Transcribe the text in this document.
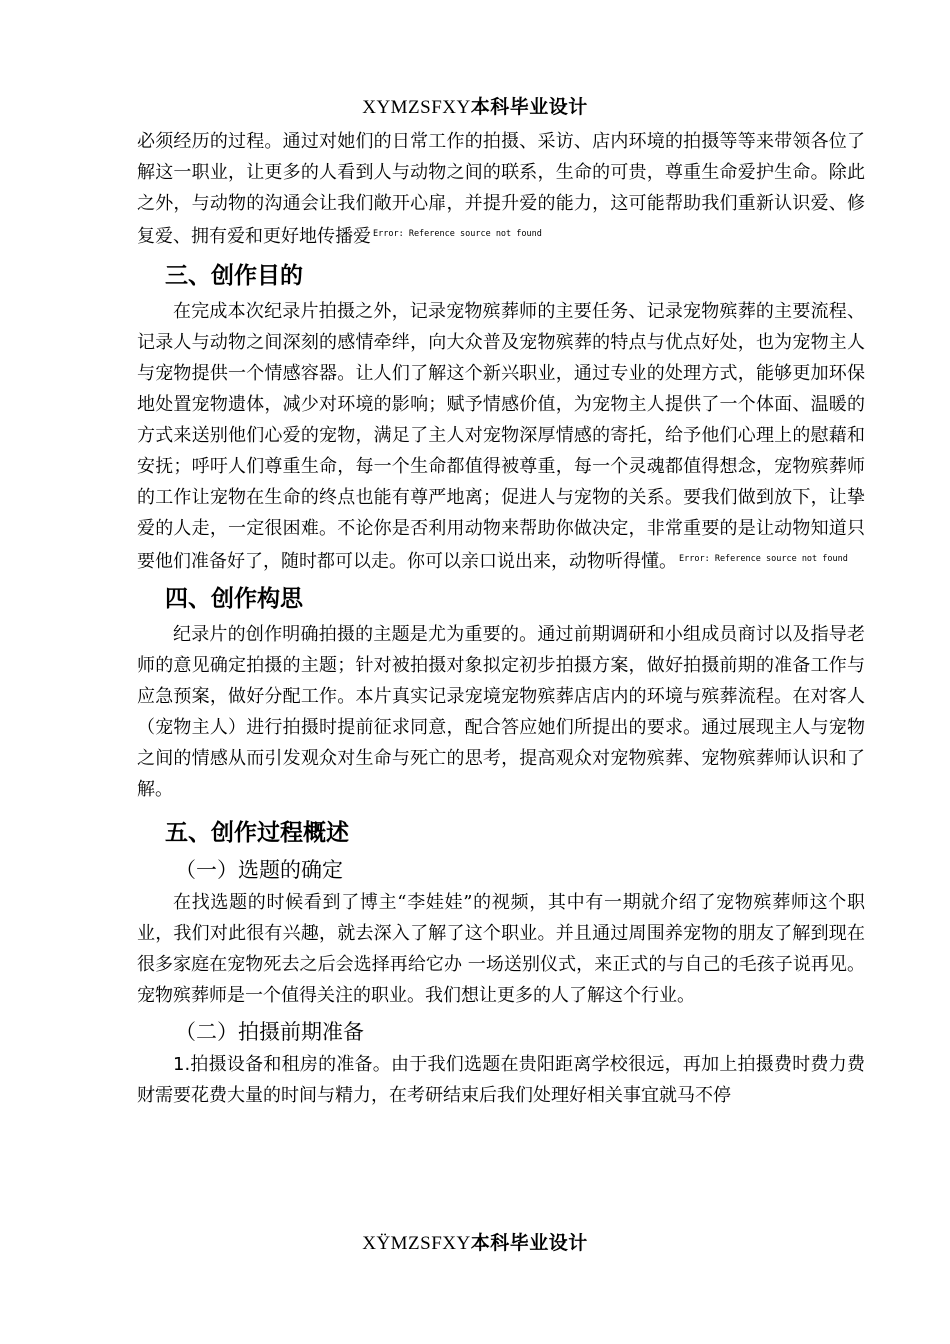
XYMZSFXY本科毕业设计

必须经历的过程。通过对她们的日常工作的拍摄、采访、店内环境的拍摄等等来带领各位了解这一职业，让更多的人看到人与动物之间的联系，生命的可贵，尊重生命爱护生命。除此之外，与动物的沟通会让我们敞开心扉，并提升爱的能力，这可能帮助我们重新认识爱、修复爱、拥有爱和更好地传播爱 $^{Error: Reference source not found}$

三、创作目的

在完成本次纪录片拍摄之外，记录宠物殡葬师的主要任务、记录宠物殡葬的主要流程、记录人与动物之间深刻的感情牵绊，向大众普及宠物殡葬的特点与优点好处，也为宠物主人与宠物提供一个情感容器。让人们了解这个新兴职业，通过专业的处理方式，能够更加环保地处置宠物遗体，减少对环境的影响；赋予情感价值，为宠物主人提供了一个体面、温暖的方式来送别他们心爱的宠物，满足了主人对宠物深厚情感的寄托，给予他们心理上的慰藉和安抚；呼吁人们尊重生命，每一个生命都值得被尊重，每一个灵魂都值得想念，宠物殡葬师的工作让宠物在生命的终点也能有尊严地离；促进人与宠物的关系。要我们做到放下，让挚爱的人走，一定很困难。不论你是否利用动物来帮助你做决定，非常重要的是让动物知道只要他们准备好了，随时都可以走。你可以亲口说出来，动物听得懂。 $^{Error: Reference source not found}$

四、创作构思

纪录片的创作明确拍摄的主题是尤为重要的。通过前期调研和小组成员商讨以及指导老师的意见确定拍摄的主题；针对被拍摄对象拟定初步拍摄方案，做好拍摄前期的准备工作与应急预案，做好分配工作。本片真实记录宠境宠物殡葬店店内的环境与殡葬流程。在对客人（宠物主人）进行拍摄时提前征求同意，配合答应她们所提出的要求。通过展现主人与宠物之间的情感从而引发观众对生命与死亡的思考，提高观众对宠物殡葬、宠物殡葬师认识和了解。

五、创作过程概述
（一）选题的确定

在找选题的时候看到了博主“李娃娃”的视频，其中有一期就介绍了宠物殡葬师这个职业，我们对此很有兴趣，就去深入了解了这个职业。并且通过周围养宠物的朋友了解到现在很多家庭在宠物死去之后会选择再给它办 一场送别仪式，来正式的与自己的毛孩子说再见。宠物殡葬师是一个值得关注的职业。我们想让更多的人了解这个行业。

（二）拍摄前期准备

1.拍摄设备和租房的准备。由于我们选题在贵阳距离学校很远，再加上拍摄费时费力费财需要花费大量的时间与精力，在考研结束后我们处理好相关事宜就马不停

XŸMZSFXY本科毕业设计
